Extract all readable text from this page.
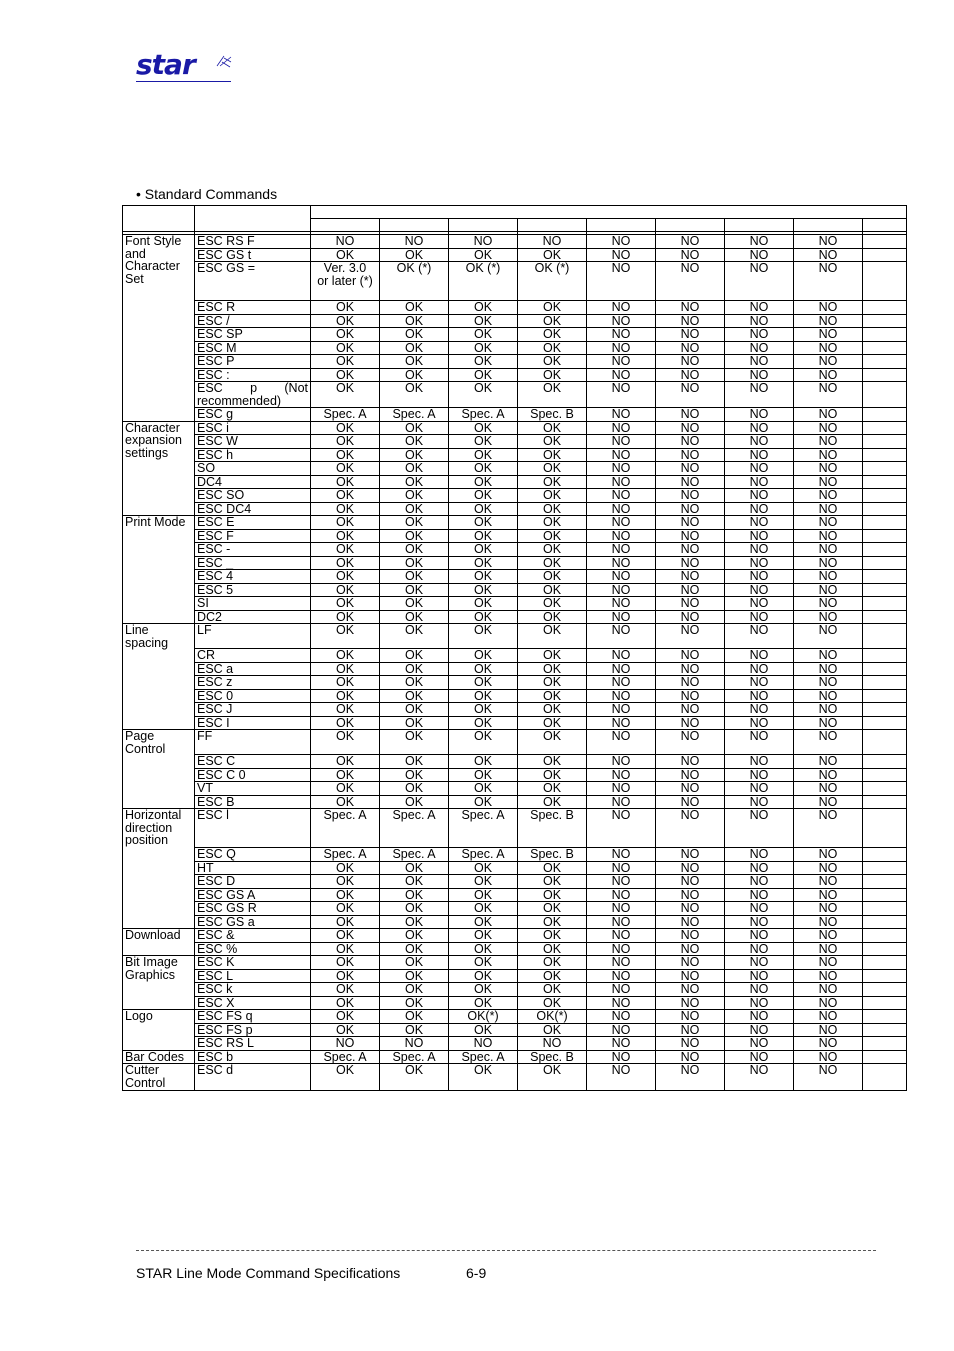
star
• Standard Commands

Font Style and Character Set	ESC RS F	NO	NO	NO	NO	NO	NO	NO	NO	
	ESC GS t	OK	OK	OK	OK	NO	NO	NO	NO	
	ESC GS =	Ver. 3.0 or later (*)	OK (*)	OK (*)	OK (*)	NO	NO	NO	NO	
	ESC R	OK	OK	OK	OK	NO	NO	NO	NO	
	ESC /	OK	OK	OK	OK	NO	NO	NO	NO	
	ESC SP	OK	OK	OK	OK	NO	NO	NO	NO	
	ESC M	OK	OK	OK	OK	NO	NO	NO	NO	
	ESC P	OK	OK	OK	OK	NO	NO	NO	NO	
	ESC :	OK	OK	OK	OK	NO	NO	NO	NO	
	ESC p (Not recommended)	OK	OK	OK	OK	NO	NO	NO	NO	
	ESC g	Spec. A	Spec. A	Spec. A	Spec. B	NO	NO	NO	NO	
Character expansion settings	ESC i	OK	OK	OK	OK	NO	NO	NO	NO	
	ESC W	OK	OK	OK	OK	NO	NO	NO	NO	
	ESC h	OK	OK	OK	OK	NO	NO	NO	NO	
	SO	OK	OK	OK	OK	NO	NO	NO	NO	
	DC4	OK	OK	OK	OK	NO	NO	NO	NO	
	ESC SO	OK	OK	OK	OK	NO	NO	NO	NO	
	ESC DC4	OK	OK	OK	OK	NO	NO	NO	NO	
Print Mode	ESC E	OK	OK	OK	OK	NO	NO	NO	NO	
	ESC F	OK	OK	OK	OK	NO	NO	NO	NO	
	ESC -	OK	OK	OK	OK	NO	NO	NO	NO	
	ESC _	OK	OK	OK	OK	NO	NO	NO	NO	
	ESC 4	OK	OK	OK	OK	NO	NO	NO	NO	
	ESC 5	OK	OK	OK	OK	NO	NO	NO	NO	
	SI	OK	OK	OK	OK	NO	NO	NO	NO	
	DC2	OK	OK	OK	OK	NO	NO	NO	NO	
Line spacing	LF	OK	OK	OK	OK	NO	NO	NO	NO	
	CR	OK	OK	OK	OK	NO	NO	NO	NO	
	ESC a	OK	OK	OK	OK	NO	NO	NO	NO	
	ESC z	OK	OK	OK	OK	NO	NO	NO	NO	
	ESC 0	OK	OK	OK	OK	NO	NO	NO	NO	
	ESC J	OK	OK	OK	OK	NO	NO	NO	NO	
	ESC I	OK	OK	OK	OK	NO	NO	NO	NO	
Page Control	FF	OK	OK	OK	OK	NO	NO	NO	NO	
	ESC C	OK	OK	OK	OK	NO	NO	NO	NO	
	ESC C 0	OK	OK	OK	OK	NO	NO	NO	NO	
	VT	OK	OK	OK	OK	NO	NO	NO	NO	
	ESC B	OK	OK	OK	OK	NO	NO	NO	NO	
Horizontal direction position	ESC l	Spec. A	Spec. A	Spec. A	Spec. B	NO	NO	NO	NO	
	ESC Q	Spec. A	Spec. A	Spec. A	Spec. B	NO	NO	NO	NO	
	HT	OK	OK	OK	OK	NO	NO	NO	NO	
	ESC D	OK	OK	OK	OK	NO	NO	NO	NO	
	ESC GS A	OK	OK	OK	OK	NO	NO	NO	NO	
	ESC GS R	OK	OK	OK	OK	NO	NO	NO	NO	
	ESC GS a	OK	OK	OK	OK	NO	NO	NO	NO	
Download	ESC &	OK	OK	OK	OK	NO	NO	NO	NO	
	ESC %	OK	OK	OK	OK	NO	NO	NO	NO	
Bit Image Graphics	ESC K	OK	OK	OK	OK	NO	NO	NO	NO	
	ESC L	OK	OK	OK	OK	NO	NO	NO	NO	
	ESC k	OK	OK	OK	OK	NO	NO	NO	NO	
	ESC X	OK	OK	OK	OK	NO	NO	NO	NO	
Logo	ESC FS q	OK	OK	OK(*)	OK(*)	NO	NO	NO	NO	
	ESC FS p	OK	OK	OK	OK	NO	NO	NO	NO	
	ESC RS L	NO	NO	NO	NO	NO	NO	NO	NO	
Bar Codes	ESC b	Spec. A	Spec. A	Spec. A	Spec. B	NO	NO	NO	NO	
Cutter Control	ESC d	OK	OK	OK	OK	NO	NO	NO	NO	
STAR Line Mode Command Specifications	6-9
